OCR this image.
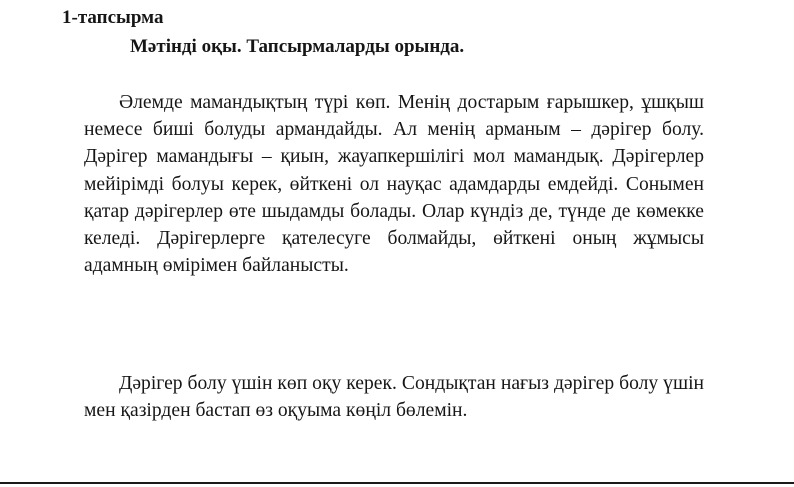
1-тапсырма
Мәтінді оқы. Тапсырмаларды орында.

Әлемде мамандықтың түрі көп. Менің достарым ғарышкер, ұшқыш немесе биші болуды армандайды. Ал менің арманым – дәрігер болу. Дәрігер мамандығы – қиын, жауапкершілігі мол мамандық. Дәрігерлер мейірімді болуы керек, өйткені ол науқас адамдарды емдейді. Сонымен қатар дәрігерлер өте шыдамды болады. Олар күндіз де, түнде де көмекке келеді. Дәрігерлерге қателесуге болмайды, өйткені оның жұмысы адамның өмірімен байланысты.

Дәрігер болу үшін көп оқу керек. Сондықтан нағыз дәрігер болу үшін мен қазірден бастап өз оқуыма көңіл бөлемін.
